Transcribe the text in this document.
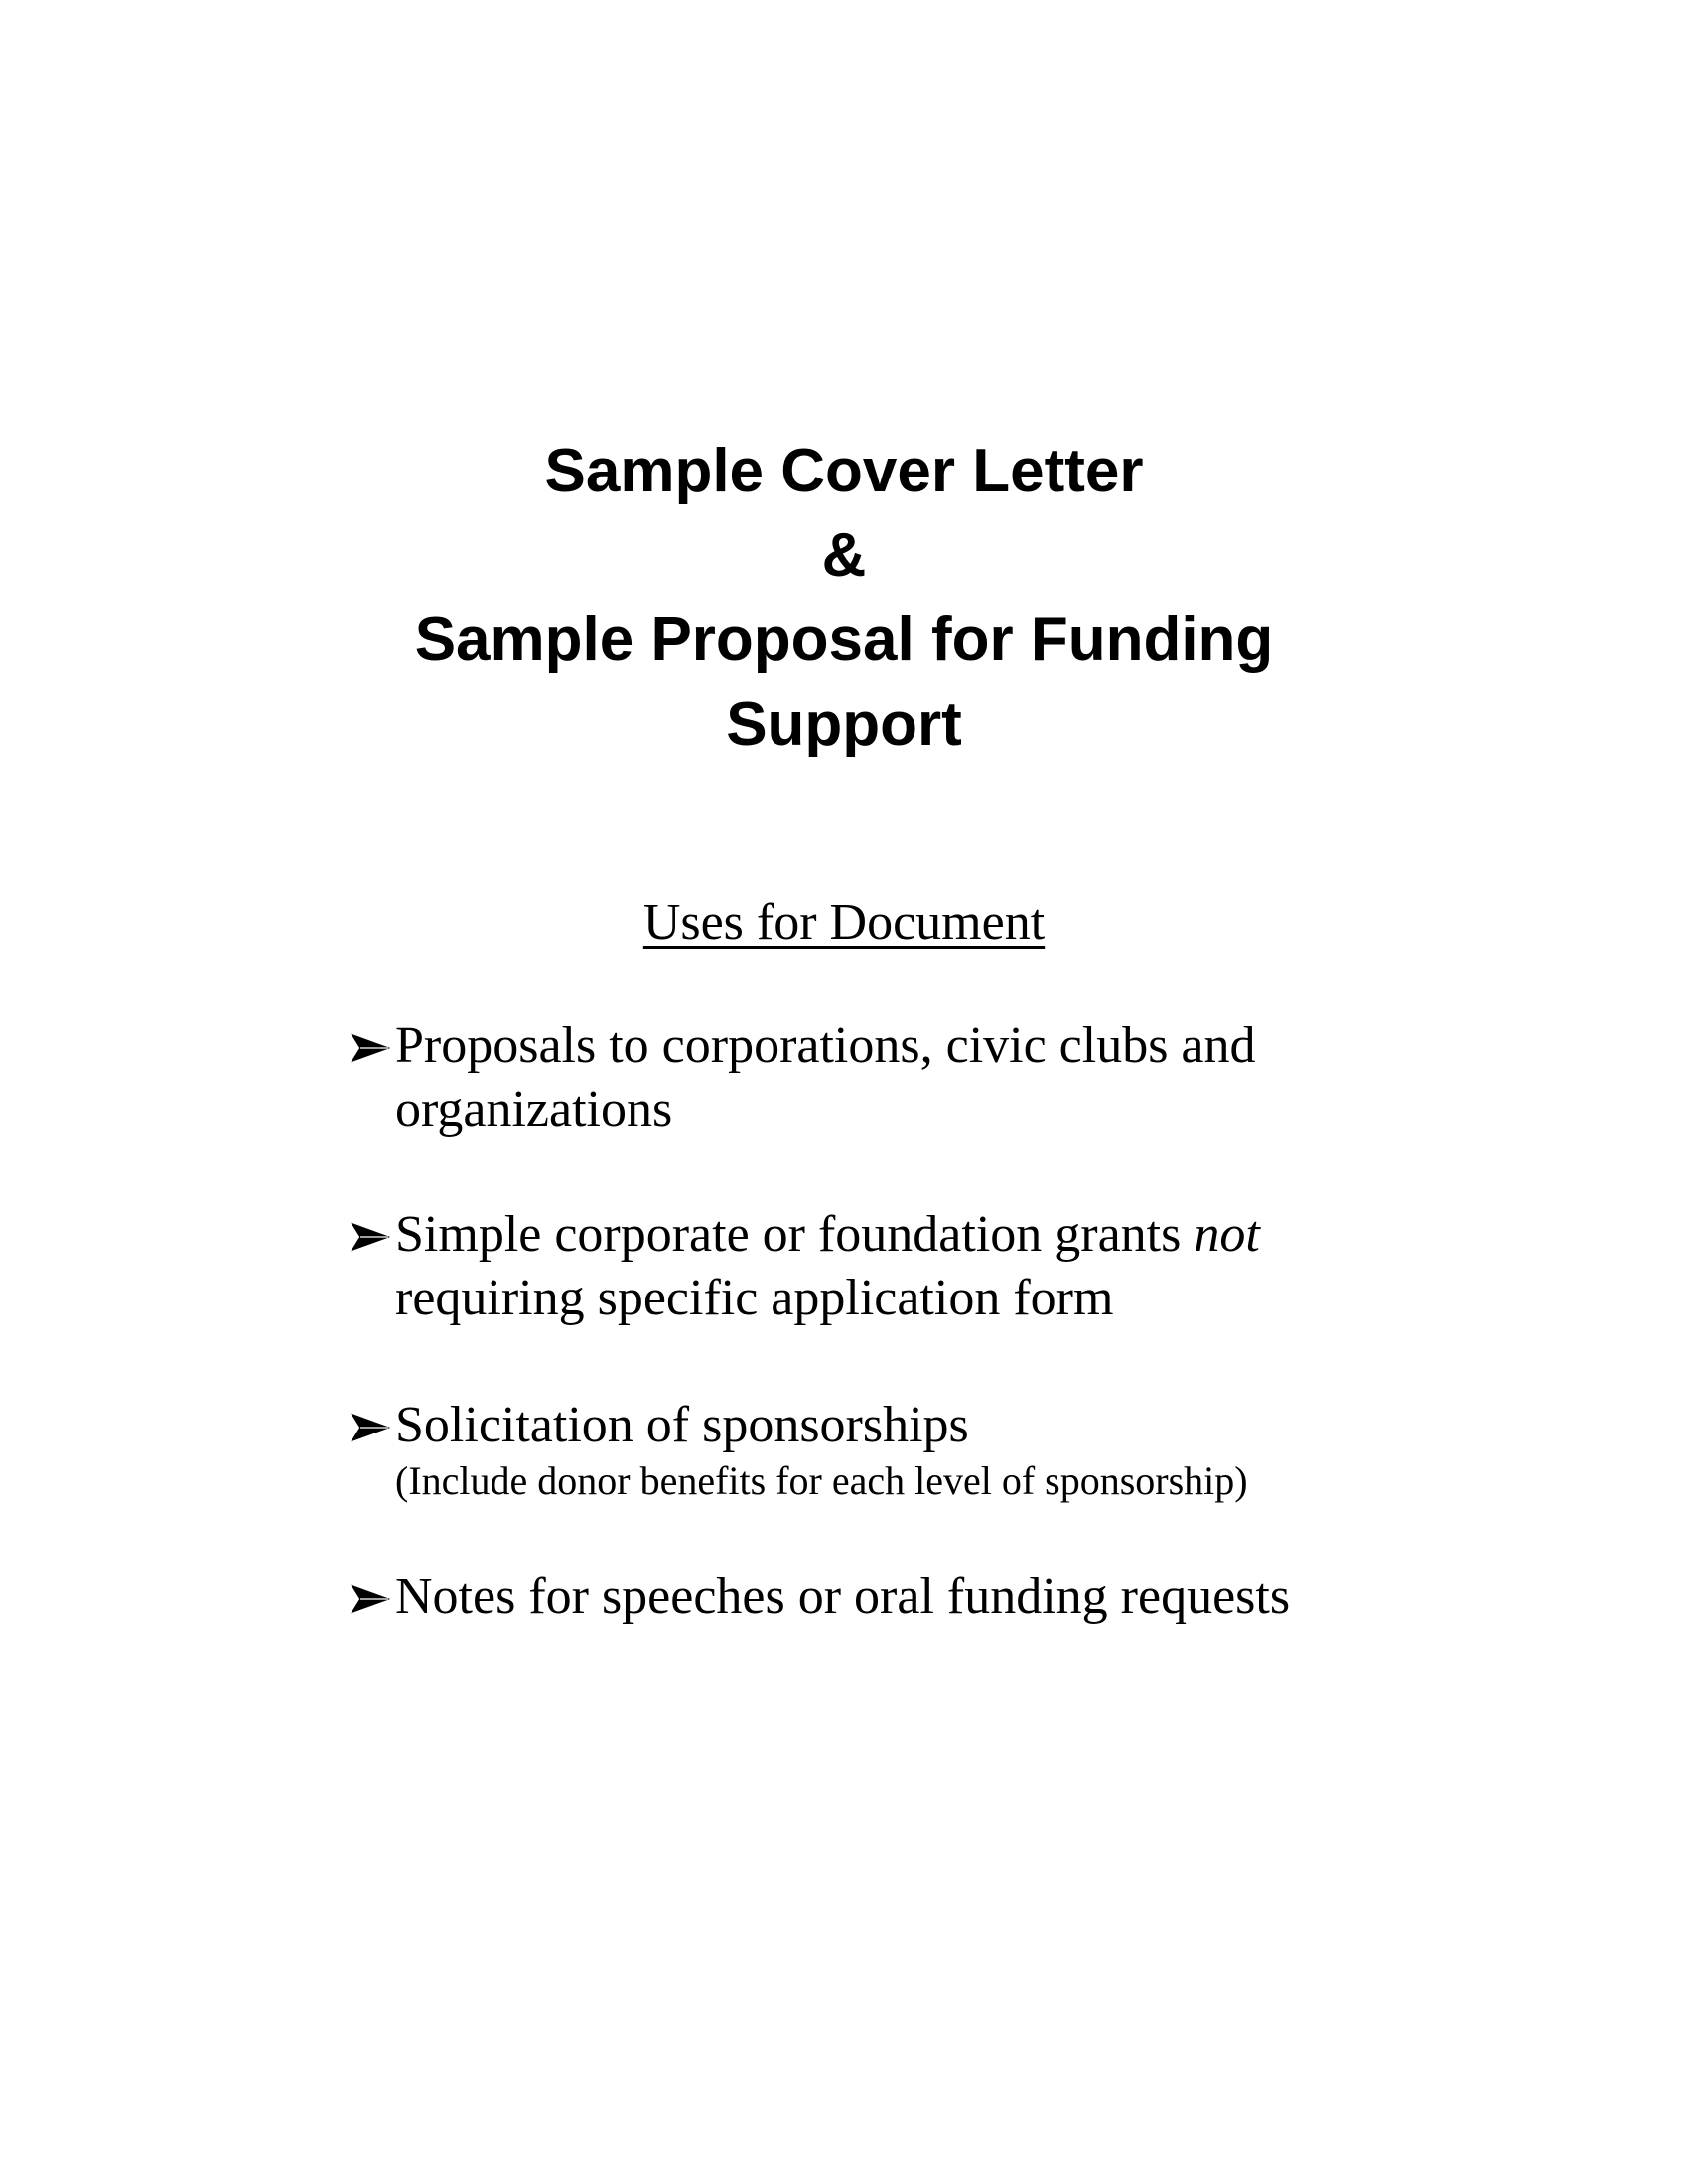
Sample Cover Letter
&
Sample Proposal for Funding
Support
Uses for Document
Proposals to corporations, civic clubs and
organizations
Simple corporate or foundation grants not
requiring specific application form
Solicitation of sponsorships
(Include donor benefits for each level of sponsorship)
Notes for speeches or oral funding requests
